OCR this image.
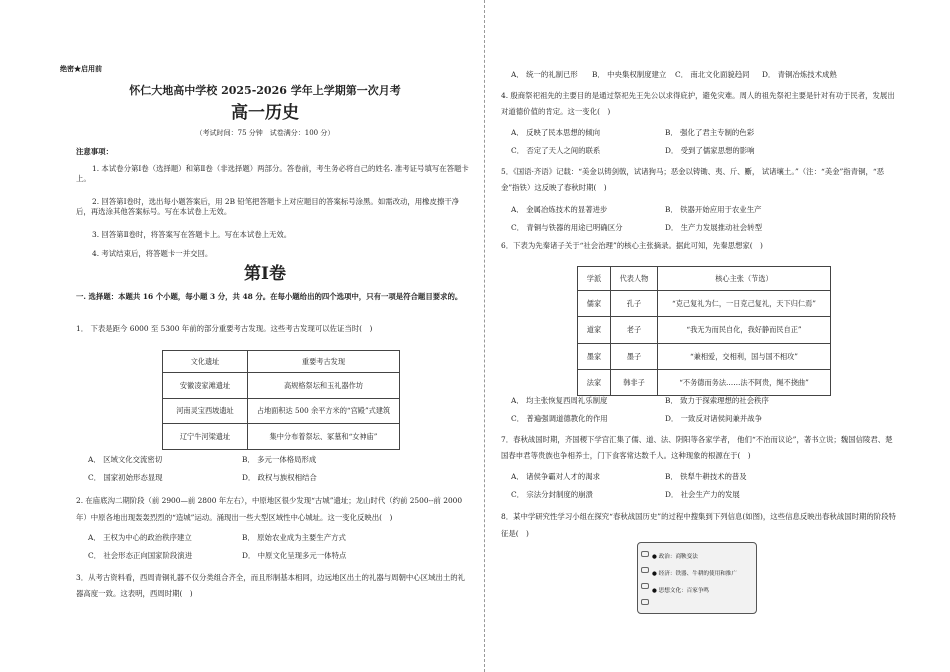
绝密★启用前
怀仁大地高中学校 2025-2026 学年上学期第一次月考
高一历史
（考试时间：75 分钟　试卷满分：100 分）
注意事项：
1. 本试卷分第Ⅰ卷（选择题）和第Ⅱ卷（非选择题）两部分。答卷前，考生务必将自己的姓名. 准考证号填写在答题卡上。
2. 回答第Ⅰ卷时，选出每小题答案后，用 2B 铅笔把答题卡上对应题目的答案标号涂黑。如需改动，用橡皮擦干净后，再选涂其他答案标号。写在本试卷上无效。
3. 回答第Ⅱ卷时，将答案写在答题卡上。写在本试卷上无效。
4. 考试结束后，将答题卡一并交回。
第Ⅰ卷
一. 选择题：本题共 16 个小题，每小题 3 分，共 48 分。在每小题给出的四个选项中，只有一项是符合题目要求的。
1． 下表是距今 6000 至 5300 年前的部分重要考古发现。这些考古发现可以佐证当时(　)
文化遗址	重要考古发现
安徽凌家滩遗址	高规格祭坛和玉礼器作坊
河南灵宝西坡遗址	占地面积达 500 余平方米的“宫殿”式建筑
辽宁牛河梁遗址	集中分布着祭坛、冢墓和“女神庙”
A． 区域文化交流密切	B． 多元一体格局形成
C． 国家初始形态显现	D． 政权与族权相结合
2. 在庙底沟二期阶段（前 2900—前 2800 年左右），中原地区很少发现“古城”遗址；龙山时代（约前 2500--前 2000 年）中原各地出现轰轰烈烈的“造城”运动。涌现出一些大型区域性中心城址。这一变化反映出(　)
A． 王权为中心的政治秩序建立	B． 原始农业成为主要生产方式
C． 社会形态正向国家阶段演进	D． 中原文化呈现多元一体特点
3．从考古资料看，西周青铜礼器不仅分类组合齐全，而且形制基本相同，边远地区出土的礼器与周朝中心区域出土的礼器高度一致。这表明，西周时期(　)
A． 统一的礼制已形 B． 中央集权制度建立 C． 南北文化面貌趋同 D． 青铜冶炼技术成熟
4. 殷商祭祀祖先的主要目的是通过祭祀先王先公以求得庇护，避免灾难。周人的祖先祭祀主要是针对有功于民者，发展出对道德价值的肯定。这一变化(　)
A． 反映了民本思想的倾向	B． 强化了君主专制的色彩
C． 否定了天人之间的联系	D． 受到了儒家思想的影响
5．《国语·齐语》记载：“美金以铸剑戟，试诸狗马；恶金以铸锄、夷、斤、斸， 试诸壤土。”（注：“美金”指青铜，“恶金”指铁）这反映了春秋时期(　)
A． 金属冶炼技术的显著进步	B． 铁器开始应用于农业生产
C． 青铜与铁器的用途已明确区分	D． 生产力发展推动社会转型
6．下表为先秦诸子关于“社会治理”的核心主张摘录。据此可知，先秦思想家(　)
学派	代表人物	核心主张（节选）
儒家	孔子	“克己复礼为仁，一日克己复礼，天下归仁焉”
道家	老子	“我无为而民自化，我好静而民自正”
墨家	墨子	“兼相爱，交相利，国与国不相攻”
法家	韩非子	“不务德而务法……法不阿贵，绳不挠曲”
A． 均主张恢复西周礼乐制度	B． 致力于探索理想的社会秩序
C． 普遍强调道德教化的作用	D． 一致反对诸侯间兼并战争
7．春秋战国时期，齐国稷下学宫汇集了儒、道、法、阴阳等各家学者， 他们“不治而议论”，著书立说；魏国信陵君、楚国春申君等贵族也争相养士，门下食客常达数千人。这种现象的根源在于(　)
A． 诸侯争霸对人才的渴求	B． 铁犁牛耕技术的普及
C． 宗法分封制度的崩溃	D． 社会生产力的发展
8．某中学研究性学习小组在探究“春秋战国历史”的过程中搜集到下列信息(如图)，这些信息反映出春秋战国时期的阶段特征是(　)
● 政治：商鞅变法
● 经济：铁器、牛耕的使用和推广
● 思想文化：百家争鸣
